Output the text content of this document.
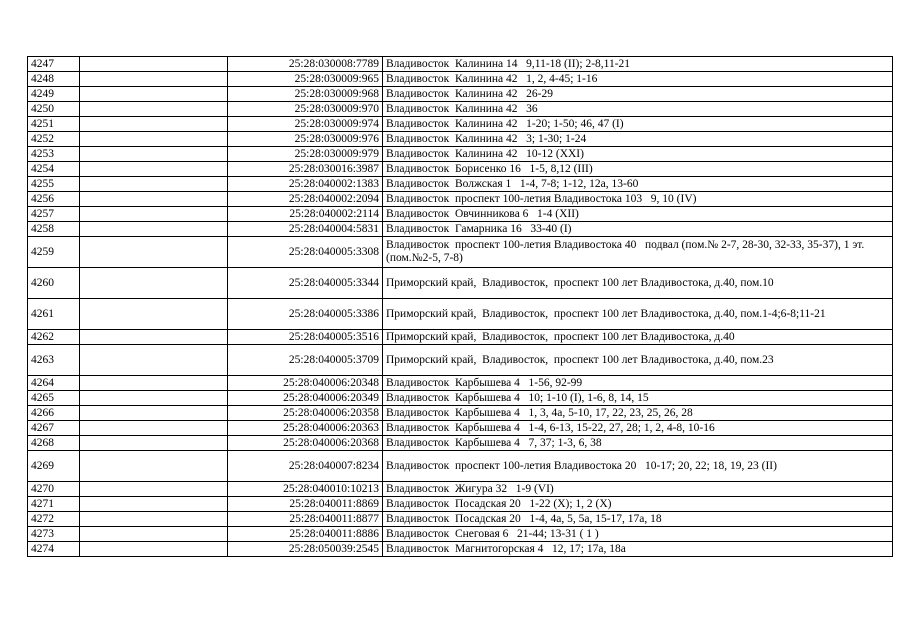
4247		25:28:030008:7789	Владивосток  Калинина 14   9,11-18 (II); 2-8,11-21
4248		25:28:030009:965	Владивосток  Калинина 42   1, 2, 4-45; 1-16
4249		25:28:030009:968	Владивосток  Калинина 42   26-29
4250		25:28:030009:970	Владивосток  Калинина 42   36
4251		25:28:030009:974	Владивосток  Калинина 42   1-20; 1-50; 46, 47 (I)
4252		25:28:030009:976	Владивосток  Калинина 42   3; 1-30; 1-24
4253		25:28:030009:979	Владивосток  Калинина 42   10-12 (XXI)
4254		25:28:030016:3987	Владивосток  Борисенко 16   1-5, 8,12 (III)
4255		25:28:040002:1383	Владивосток  Волжская 1   1-4, 7-8; 1-12, 12а, 13-60
4256		25:28:040002:2094	Владивосток  проспект 100-летия Владивостока 103   9, 10 (IV)
4257		25:28:040002:2114	Владивосток  Овчинникова 6   1-4 (XII)
4258		25:28:040004:5831	Владивосток  Гамарника 16   33-40 (I)
4259		25:28:040005:3308	Владивосток  проспект 100-летия Владивостока 40   подвал (пом.№ 2-7, 28-30, 32-33, 35-37), 1 эт.(пом.№2-5, 7-8)
4260		25:28:040005:3344	Приморский край,  Владивосток,  проспект 100 лет Владивостока, д.40, пом.10
4261		25:28:040005:3386	Приморский край,  Владивосток,  проспект 100 лет Владивостока, д.40, пом.1-4;6-8;11-21
4262		25:28:040005:3516	Приморский край,  Владивосток,  проспект 100 лет Владивостока, д.40
4263		25:28:040005:3709	Приморский край,  Владивосток,  проспект 100 лет Владивостока, д.40, пом.23
4264		25:28:040006:20348	Владивосток  Карбышева 4   1-56, 92-99
4265		25:28:040006:20349	Владивосток  Карбышева 4   10; 1-10 (I), 1-6, 8, 14, 15
4266		25:28:040006:20358	Владивосток  Карбышева 4   1, 3, 4а, 5-10, 17, 22, 23, 25, 26, 28
4267		25:28:040006:20363	Владивосток  Карбышева 4   1-4, 6-13, 15-22, 27, 28; 1, 2, 4-8, 10-16
4268		25:28:040006:20368	Владивосток  Карбышева 4   7, 37; 1-3, 6, 38
4269		25:28:040007:8234	Владивосток  проспект 100-летия Владивостока 20   10-17; 20, 22; 18, 19, 23 (II)
4270		25:28:040010:10213	Владивосток  Жигура 32   1-9 (VI)
4271		25:28:040011:8869	Владивосток  Посадская 20   1-22 (X); 1, 2 (X)
4272		25:28:040011:8877	Владивосток  Посадская 20   1-4, 4а, 5, 5а, 15-17, 17а, 18
4273		25:28:040011:8886	Владивосток  Снеговая 6   21-44; 13-31 ( 1 )
4274		25:28:050039:2545	Владивосток  Магнитогорская 4   12, 17; 17а, 18а
